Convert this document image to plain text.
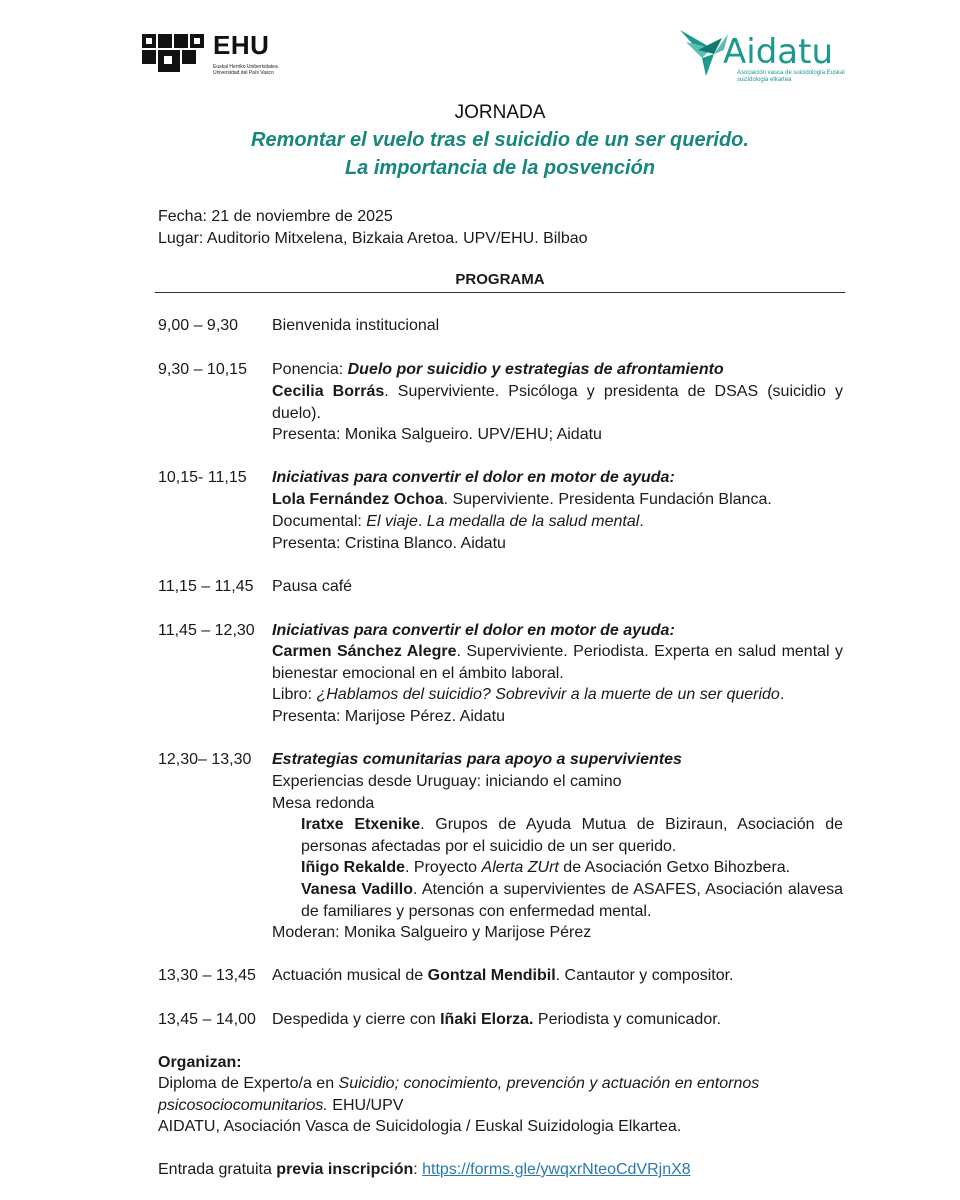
EHU
Euskal Herriko Unibertsitatea Universidad del País Vasco
Aidatu
Asociación vasca de suicidología Euskal suizidologia elkartea
JORNADA
Remontar el vuelo tras el suicidio de un ser querido.
La importancia de la posvención
Fecha: 21 de noviembre de 2025
Lugar: Auditorio Mitxelena, Bizkaia Aretoa. UPV/EHU. Bilbao
PROGRAMA
9,00 – 9,30 Bienvenida institucional
9,30 – 10,15 Ponencia: Duelo por suicidio y estrategias de afrontamiento
Cecilia Borrás. Superviviente. Psicóloga y presidenta de DSAS (suicidio y duelo).
Presenta: Monika Salgueiro. UPV/EHU; Aidatu
10,15- 11,15 Iniciativas para convertir el dolor en motor de ayuda:
Lola Fernández Ochoa. Superviviente. Presidenta Fundación Blanca.
Documental: El viaje. La medalla de la salud mental.
Presenta: Cristina Blanco. Aidatu
11,15 – 11,45 Pausa café
11,45 – 12,30 Iniciativas para convertir el dolor en motor de ayuda:
Carmen Sánchez Alegre. Superviviente. Periodista. Experta en salud mental y bienestar emocional en el ámbito laboral.
Libro: ¿Hablamos del suicidio? Sobrevivir a la muerte de un ser querido.
Presenta: Marijose Pérez. Aidatu
12,30– 13,30 Estrategias comunitarias para apoyo a supervivientes
Experiencias desde Uruguay: iniciando el camino
Mesa redonda
Iratxe Etxenike. Grupos de Ayuda Mutua de Biziraun, Asociación de personas afectadas por el suicidio de un ser querido.
Iñigo Rekalde. Proyecto Alerta ZUrt de Asociación Getxo Bihozbera.
Vanesa Vadillo. Atención a supervivientes de ASAFES, Asociación alavesa de familiares y personas con enfermedad mental.
Moderan: Monika Salgueiro y Marijose Pérez
13,30 – 13,45 Actuación musical de Gontzal Mendibil. Cantautor y compositor.
13,45 – 14,00 Despedida y cierre con Iñaki Elorza. Periodista y comunicador.
Organizan:
Diploma de Experto/a en Suicidio; conocimiento, prevención y actuación en entornos psicosociocomunitarios. EHU/UPV
AIDATU, Asociación Vasca de Suicidologia / Euskal Suizidologia Elkartea.
Entrada gratuita previa inscripción: https://forms.gle/ywqxrNteoCdVRjnX8
